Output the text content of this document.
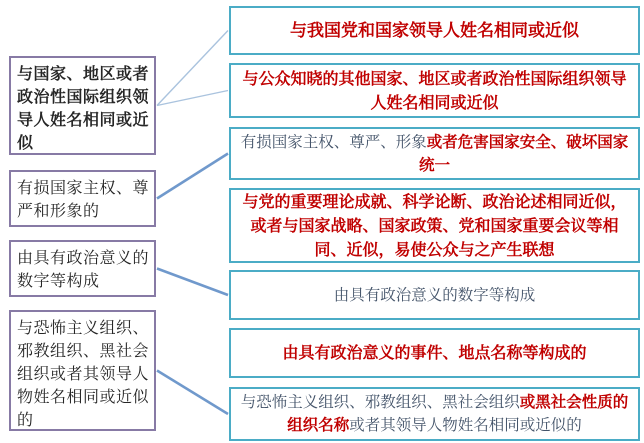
与国家、地区或者政治性国际组织领导人姓名相同或近似
有损国家主权、尊严和形象的
由具有政治意义的数字等构成
与恐怖主义组织、邪教组织、黑社会组织或者其领导人物姓名相同或近似的
与我国党和国家领导人姓名相同或近似
与公众知晓的其他国家、地区或者政治性国际组织领导人姓名相同或近似
有损国家主权、尊严、形象或者危害国家安全、破坏国家统一
与党的重要理论成就、科学论断、政治论述相同近似，或者与国家战略、国家政策、党和国家重要会议等相同、近似，易使公众与之产生联想
由具有政治意义的数字等构成
由具有政治意义的事件、地点名称等构成的
与恐怖主义组织、邪教组织、黑社会组织或黑社会性质的组织名称或者其领导人物姓名相同或近似的
